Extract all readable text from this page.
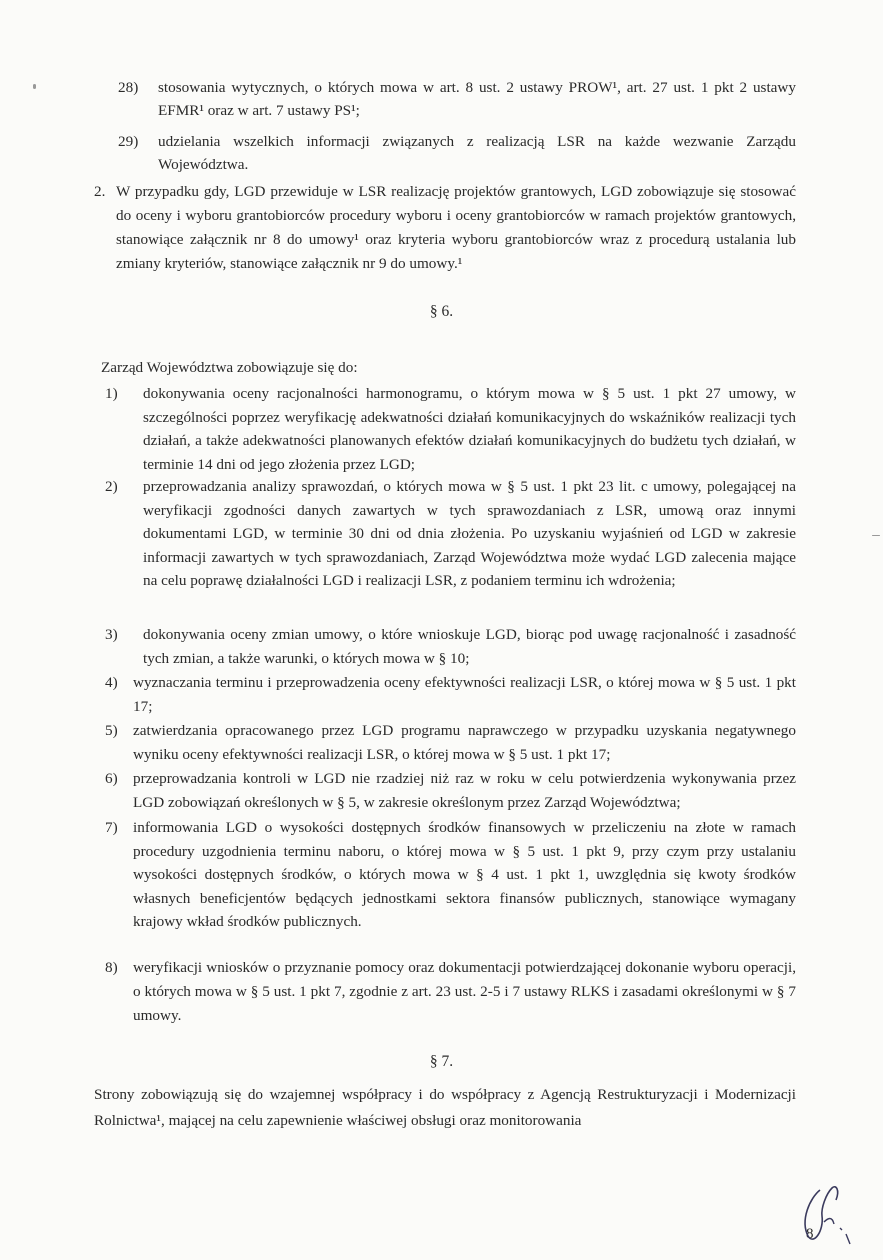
28)	stosowania wytycznych, o których mowa w art. 8 ust. 2 ustawy PROW¹, art. 27 ust. 1 pkt 2 ustawy EFMR¹ oraz w art. 7 ustawy PS¹;
29)	udzielania wszelkich informacji związanych z realizacją LSR na każde wezwanie Zarządu Województwa.
2. W przypadku gdy, LGD przewiduje w LSR realizację projektów grantowych, LGD zobowiązuje się stosować do oceny i wyboru grantobiorców procedury wyboru i oceny grantobiorców w ramach projektów grantowych, stanowiące załącznik nr 8 do umowy¹ oraz kryteria wyboru grantobiorców wraz z procedurą ustalania lub zmiany kryteriów, stanowiące załącznik nr 9 do umowy.¹
§ 6.
Zarząd Województwa zobowiązuje się do:
1)	dokonywania oceny racjonalności harmonogramu, o którym mowa w § 5 ust. 1 pkt 27 umowy, w szczególności poprzez weryfikację adekwatności działań komunikacyjnych do wskaźników realizacji tych działań, a także adekwatności planowanych efektów działań komunikacyjnych do budżetu tych działań, w terminie 14 dni od jego złożenia przez LGD;
2)	przeprowadzania analizy sprawozdań, o których mowa w § 5 ust. 1 pkt 23 lit. c umowy, polegającej na weryfikacji zgodności danych zawartych w tych sprawozdaniach z LSR, umową oraz innymi dokumentami LGD, w terminie 30 dni od dnia złożenia. Po uzyskaniu wyjaśnień od LGD w zakresie informacji zawartych w tych sprawozdaniach, Zarząd Województwa może wydać LGD zalecenia mające na celu poprawę działalności LGD i realizacji LSR, z podaniem terminu ich wdrożenia;
3)	dokonywania oceny zmian umowy, o które wnioskuje LGD, biorąc pod uwagę racjonalność i zasadność tych zmian, a także warunki, o których mowa w § 10;
4)	wyznaczania terminu i przeprowadzenia oceny efektywności realizacji LSR, o której mowa w § 5 ust. 1 pkt 17;
5)	zatwierdzania opracowanego przez LGD programu naprawczego w przypadku uzyskania negatywnego wyniku oceny efektywności realizacji LSR, o której mowa w § 5 ust. 1 pkt 17;
6)	przeprowadzania kontroli w LGD nie rzadziej niż raz w roku w celu potwierdzenia wykonywania przez LGD zobowiązań określonych w § 5, w zakresie określonym przez Zarząd Województwa;
7)	informowania LGD o wysokości dostępnych środków finansowych w przeliczeniu na złote w ramach procedury uzgodnienia terminu naboru, o której mowa w § 5 ust. 1 pkt 9, przy czym przy ustalaniu wysokości dostępnych środków, o których mowa w § 4 ust. 1 pkt 1, uwzględnia się kwoty środków własnych beneficjentów będących jednostkami sektora finansów publicznych, stanowiące wymagany krajowy wkład środków publicznych.
8)	weryfikacji wniosków o przyznanie pomocy oraz dokumentacji potwierdzającej dokonanie wyboru operacji, o których mowa w § 5 ust. 1 pkt 7, zgodnie z art. 23 ust. 2-5 i 7 ustawy RLKS i zasadami określonymi w § 7 umowy.
§ 7.
Strony zobowiązują się do wzajemnej współpracy i do współpracy z Agencją Restrukturyzacji i Modernizacji Rolnictwa¹, mającej na celu zapewnienie właściwej obsługi oraz monitorowania
8
